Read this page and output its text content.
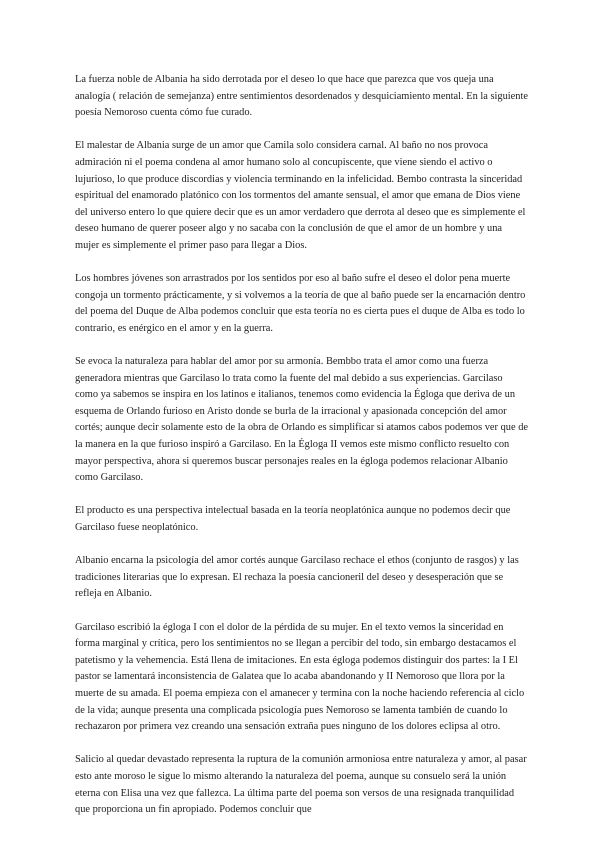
La fuerza noble de Albania ha sido derrotada por el deseo lo que hace que parezca que vos queja una analogía ( relación de semejanza) entre sentimientos desordenados y desquiciamiento mental. En la siguiente poesía Nemoroso cuenta cómo fue curado.

El malestar de Albania surge de un amor que Camila solo considera carnal. Al baño no nos provoca admiración ni el poema condena al amor humano solo al concupiscente, que viene siendo el activo o lujurioso, lo que produce discordias y violencia terminando en la infelicidad. Bembo contrasta la sinceridad espiritual del enamorado platónico con los tormentos del amante sensual, el amor que emana de Dios viene del universo entero lo que quiere decir que es un amor verdadero que derrota al deseo que es simplemente el deseo humano de querer poseer algo y no sacaba con la conclusión de que el amor de un hombre y una mujer es simplemente el primer paso para llegar a Dios.

Los hombres jóvenes son arrastrados por los sentidos por eso al baño sufre el deseo el dolor pena muerte congoja un tormento prácticamente, y si volvemos a la teoría de que al baño puede ser la encarnación dentro del poema del Duque de Alba podemos concluir que esta teoría no es cierta pues el duque de Alba es todo lo contrario, es enérgico en el amor y en la guerra.

Se evoca la naturaleza para hablar del amor por su armonía. Bembbo trata el amor como una fuerza generadora mientras que Garcilaso lo trata como la fuente del mal debido a sus experiencias. Garcilaso como ya sabemos se inspira en los latinos e italianos, tenemos como evidencia la Égloga que deriva de un esquema de Orlando furioso en Aristo donde se burla de la irracional y apasionada concepción del amor cortés; aunque decir solamente esto de la obra de Orlando es simplificar si atamos cabos podemos ver que de la manera en la que furioso inspiró a Garcilaso. En la Égloga II vemos este mismo conflicto resuelto con mayor perspectiva, ahora si queremos buscar personajes reales en la égloga podemos relacionar Albanio como Garcilaso.

El producto es una perspectiva intelectual basada en la teoría neoplatónica aunque no podemos decir que Garcilaso fuese neoplatónico.

Albanio encarna la psicología del amor cortés aunque Garcilaso rechace el ethos (conjunto de rasgos) y las tradiciones literarias que lo expresan. El rechaza la poesía cancioneril del deseo y desesperación que se refleja en Albanio.

Garcilaso escribió la égloga I con el dolor de la pérdida de su mujer. En el texto vemos la sinceridad en forma marginal y crítica, pero los sentimientos no se llegan a percibir del todo, sin embargo destacamos el patetismo y la vehemencia. Está llena de imitaciones. En esta égloga podemos distinguir dos partes: la I El pastor se lamentará inconsistencia de Galatea que lo acaba abandonando y II Nemoroso que llora por la muerte de su amada. El poema empieza con el amanecer y termina con la noche haciendo referencia al ciclo de la vida; aunque presenta una complicada psicología pues Nemoroso se lamenta también de cuando lo rechazaron por primera vez creando una sensación extraña pues ninguno de los dolores eclipsa al otro.

Salicio al quedar devastado representa la ruptura de la comunión armoniosa entre naturaleza y amor, al pasar esto ante moroso le sigue lo mismo alterando la naturaleza del poema, aunque su consuelo será la unión eterna con Elisa una vez que fallezca. La última parte del poema son versos de una resignada tranquilidad que proporciona un fin apropiado. Podemos concluir que
